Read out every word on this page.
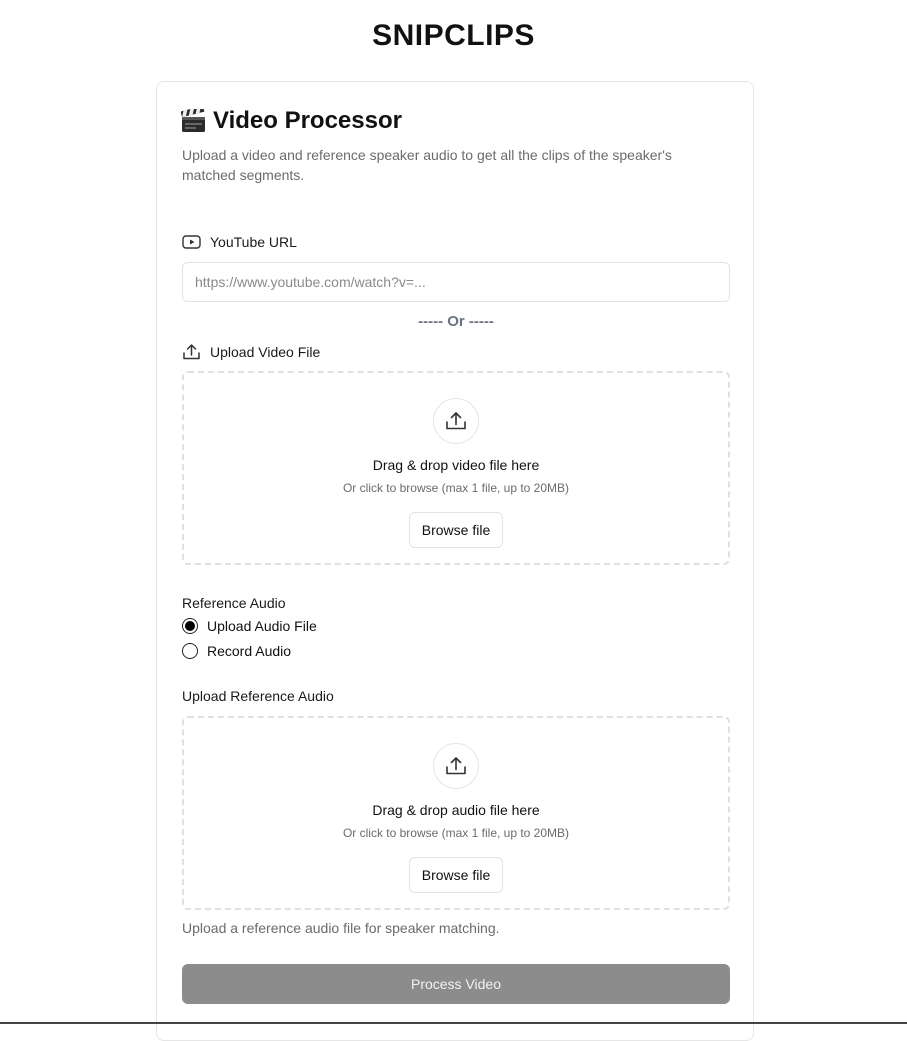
SNIPCLIPS
Video Processor
Upload a video and reference speaker audio to get all the clips of the speaker's matched segments.
YouTube URL
https://www.youtube.com/watch?v=...
----- Or -----
Upload Video File
Drag & drop video file here
Or click to browse (max 1 file, up to 20MB)
Browse file
Reference Audio
Upload Audio File
Record Audio
Upload Reference Audio
Drag & drop audio file here
Or click to browse (max 1 file, up to 20MB)
Browse file
Upload a reference audio file for speaker matching.
Process Video
